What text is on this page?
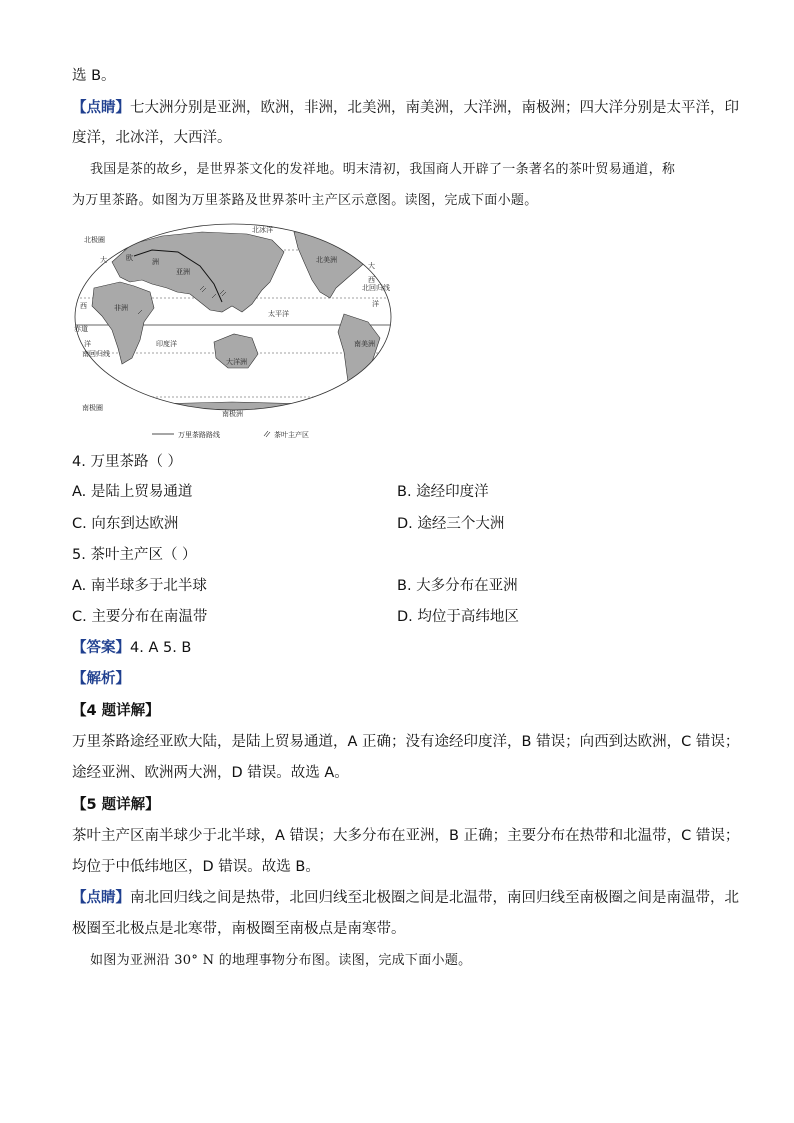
选 B。
【点睛】七大洲分别是亚洲，欧洲，非洲，北美洲，南美洲，大洋洲，南极洲；四大洋分别是太平洋，印
度洋，北冰洋，大西洋。
我国是茶的故乡，是世界茶文化的发祥地。明末清初，我国商人开辟了一条著名的茶叶贸易通道，称
为万里茶路。如图为万里茶路及世界茶叶主产区示意图。读图，完成下面小题。
北冰洋
北极圈
大
大
欧	洲
亚洲
北美洲
太平洋
西
西
洋
洋
非洲
赤道
南回归线
北回归线
印度洋	南美洲
大洋洲
南极圈
南极洲
万里茶路路线	茶叶主产区
4. 万里茶路（ ）
A. 是陆上贸易通道	B. 途经印度洋
C. 向东到达欧洲	D. 途经三个大洲
5. 茶叶主产区（ ）
A. 南半球多于北半球	B. 大多分布在亚洲
C. 主要分布在南温带	D. 均位于高纬地区
【答案】4. A 5. B
【解析】
【4 题详解】
万里茶路途经亚欧大陆，是陆上贸易通道，A 正确；没有途经印度洋，B 错误；向西到达欧洲，C 错误；
途经亚洲、欧洲两大洲，D 错误。故选 A。
【5 题详解】
茶叶主产区南半球少于北半球，A 错误；大多分布在亚洲，B 正确；主要分布在热带和北温带，C 错误；
均位于中低纬地区，D 错误。故选 B。
【点睛】南北回归线之间是热带，北回归线至北极圈之间是北温带，南回归线至南极圈之间是南温带，北
极圈至北极点是北寒带，南极圈至南极点是南寒带。
如图为亚洲沿 30° N 的地理事物分布图。读图，完成下面小题。
